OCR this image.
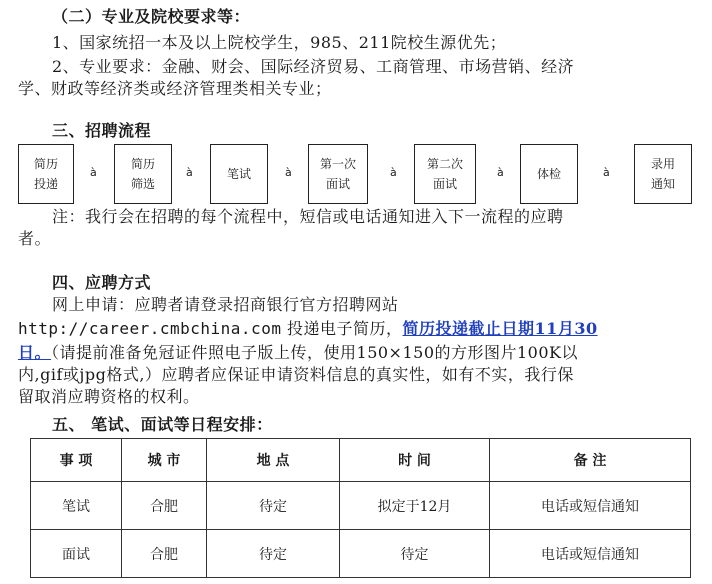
（二）专业及院校要求等：
1、国家统招一本及以上院校学生，985、211院校生源优先；
2、专业要求：金融、财会、国际经济贸易、工商管理、市场营销、经济
学、财政等经济类或经济管理类相关专业；
三、招聘流程
简历
投递
à
简历
筛选
à	笔试	à
第一次
面试
à
第二次
面试
à	体检	à
录用
通知
注：我行会在招聘的每个流程中，短信或电话通知进入下一流程的应聘
者。
四、应聘方式
网上申请：应聘者请登录招商银行官方招聘网站
http://career.cmbchina.com 投递电子简历，简历投递截止日期11月30
日。（请提前准备免冠证件照电子版上传，使用150×150的方形图片100K以
内,gif或jpg格式,）应聘者应保证申请资料信息的真实性，如有不实，我行保
留取消应聘资格的权利。
五、 笔试、面试等日程安排：
事 项	城 市	地 点	时 间	备 注
笔试	合肥	待定	拟定于12月	电话或短信通知
面试	合肥	待定	待定	电话或短信通知
